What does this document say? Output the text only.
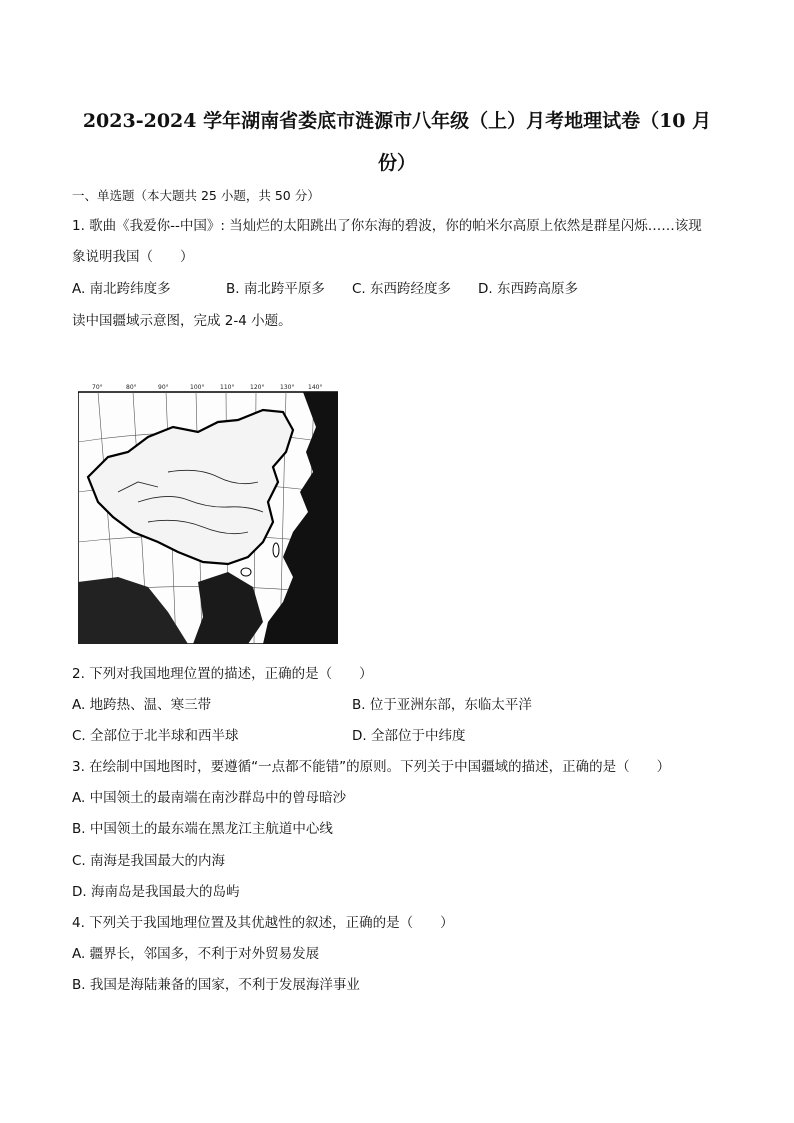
2023-2024 学年湖南省娄底市涟源市八年级（上）月考地理试卷（10 月
份）
一、单选题（本大题共 25 小题，共 50 分）
1. 歌曲《我爱你--中国》: 当灿烂的太阳跳出了你东海的碧波，你的帕米尔高原上依然是群星闪烁……该现
象说明我国（　　）
A. 南北跨纬度多	B. 南北跨平原多 C. 东西跨经度多 D. 东西跨高原多
读中国疆域示意图，完成 2-4 小题。
70°	80°	90°	100°	110°	120°	130° 140°
2. 下列对我国地理位置的描述，正确的是（　　）
A. 地跨热、温、寒三带	B. 位于亚洲东部，东临太平洋
C. 全部位于北半球和西半球	D. 全部位于中纬度
3. 在绘制中国地图时，要遵循“一点都不能错”的原则。下列关于中国疆域的描述，正确的是（　　）
A. 中国领土的最南端在南沙群岛中的曾母暗沙
B. 中国领土的最东端在黑龙江主航道中心线
C. 南海是我国最大的内海
D. 海南岛是我国最大的岛屿
4. 下列关于我国地理位置及其优越性的叙述，正确的是（　　）
A. 疆界长，邻国多，不利于对外贸易发展
B. 我国是海陆兼备的国家，不利于发展海洋事业
